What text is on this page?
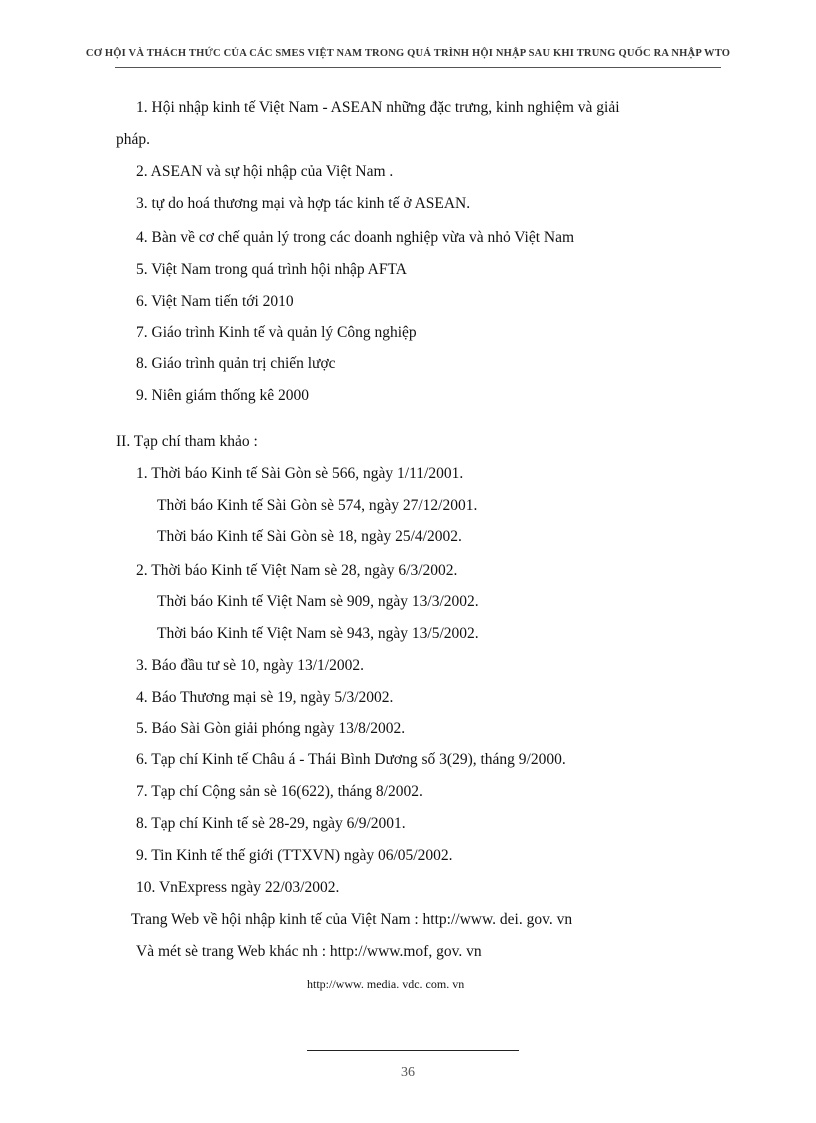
CƠ HỘI VÀ THÁCH THỨC CỦA CÁC SMES VIỆT NAM TRONG QUÁ TRÌNH HỘI NHẬP SAU KHI TRUNG QUỐC RA NHẬP WTO
1. Hội nhập kinh tế Việt Nam - ASEAN những đặc trưng, kinh nghiệm và giải
pháp.
2. ASEAN và sự hội nhập của Việt Nam .
3. tự do hoá thương mại và hợp tác kinh tế ở ASEAN.
4. Bàn về cơ chế quản lý trong các doanh nghiệp vừa và nhỏ Việt Nam
5. Việt Nam trong quá trình hội nhập AFTA
6. Việt Nam tiến tới 2010
7. Giáo trình Kinh tế và quản lý Công nghiệp
8. Giáo trình quản trị chiến lược
9. Niên giám thống kê 2000
II. Tạp chí tham khảo :
1. Thời báo Kinh tế Sài Gòn sè 566, ngày 1/11/2001.
Thời báo Kinh tế Sài Gòn sè 574, ngày 27/12/2001.
Thời báo Kinh tế Sài Gòn sè 18, ngày 25/4/2002.
2. Thời báo Kinh tế Việt Nam sè 28, ngày 6/3/2002.
Thời báo Kinh tế Việt Nam sè 909, ngày 13/3/2002.
Thời báo Kinh tế Việt Nam sè 943, ngày 13/5/2002.
3. Báo đầu tư sè 10, ngày 13/1/2002.
4. Báo Thương mại sè 19, ngày 5/3/2002.
5. Báo Sài Gòn giải phóng ngày 13/8/2002.
6. Tạp chí Kinh tế Châu á - Thái Bình Dương số 3(29), tháng 9/2000.
7. Tạp chí Cộng sản sè 16(622), tháng 8/2002.
8. Tạp chí Kinh tế sè 28-29, ngày 6/9/2001.
9. Tin Kinh tế thế giới (TTXVN) ngày 06/05/2002.
10. VnExpress ngày 22/03/2002.
Trang Web về hội nhập kinh tế của Việt Nam : http://www. dei. gov. vn
Và mét sè trang Web khác nh : http://www.mof, gov. vn
http://www. media. vdc. com. vn
36
